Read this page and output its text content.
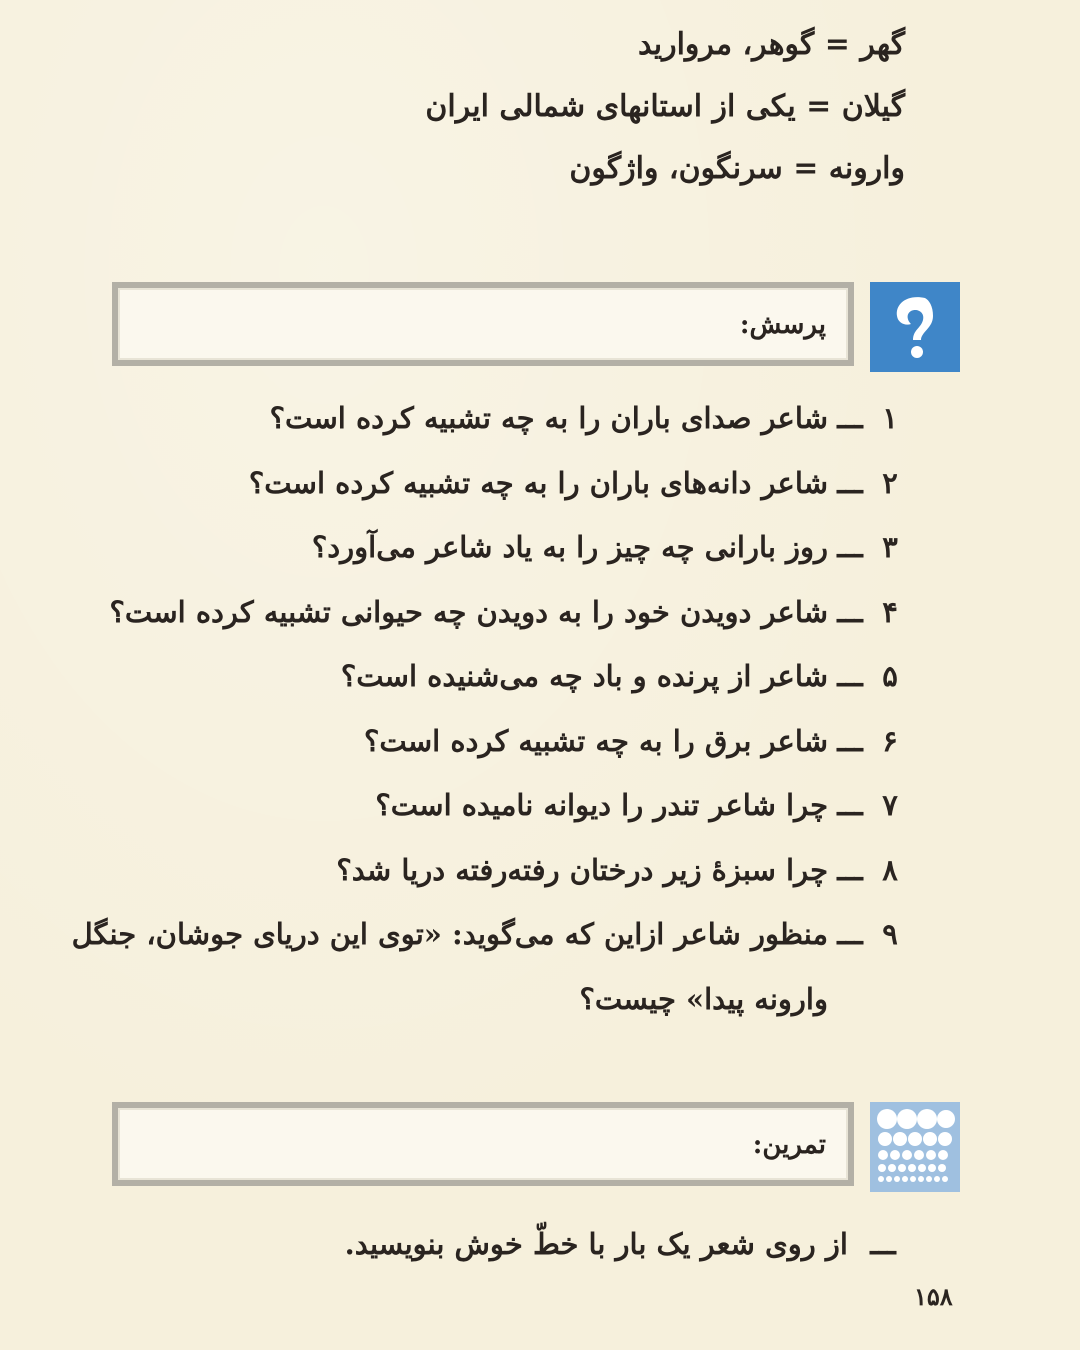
گهر = گوهر، مروارید
گیلان = یکی از استانهای شمالی ایران
وارونه = سرنگون، واژگون
پرسش:
۱
ـــ
شاعر صدای باران را به چه تشبیه کرده است؟
۲
ـــ
شاعر دانه‌های باران را به چه تشبیه کرده است؟
۳
ـــ
روز بارانی چه چیز را به یاد شاعر می‌آورد؟
۴
ـــ
شاعر دویدن خود را به دویدن چه حیوانی تشبیه کرده است؟
۵
ـــ
شاعر از پرنده و باد چه می‌شنیده است؟
۶
ـــ
شاعر برق را به چه تشبیه کرده است؟
۷
ـــ
چرا شاعر تندر را دیوانه نامیده است؟
۸
ـــ
چرا سبزهٔ زیر درختان رفته‌رفته دریا شد؟
۹
ـــ
منظور شاعر ازاین که می‌گوید: «توی این دریای جوشان، جنگل وارونه پیدا» چیست؟
تمرین:
ـــ از روی شعر یک بار با خطّ خوش بنویسید.
۱۵۸
